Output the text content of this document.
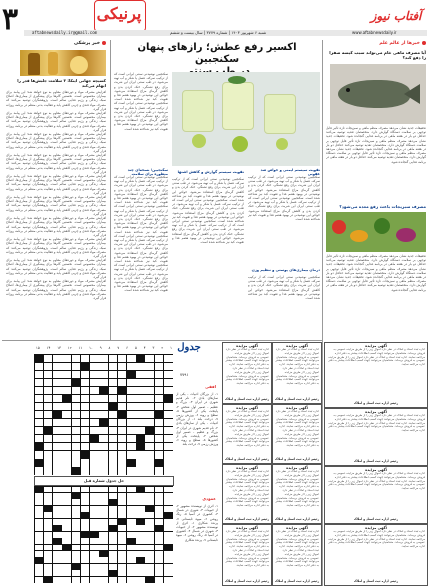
۳	پرنیکی	آفتاب نیوز
aftabnewsdaily.ir@gmail.com	شنبه ۶ شهریور ۱۴۰۳ | شماره ۳۷۷۹ | سال بیست و ششم	www.aftabnewsdaily.ir
خبر پزشکی
کسیچه جهانی اینکا: ۳ سلامت جلبش‌ها قدر را ابهام می‌کند
افزایش مصرف مواد و دوره‌های مقاوم به نوع خواهد شد؛ این پیامد برای بیماران محسوس است. نخستین گام‌ها برای پیشگیری از بیماری‌ها، اصلاح سبک زندگی و رژیم غذایی سالم است. پژوهشگران توصیه می‌کنند که مصرف مواد قندی و چربی کاهش یابد و فعالیت بدنی منظم در برنامه روزانه قرار گیرد.
افزایش مصرف مواد و دوره‌های مقاوم به نوع خواهد شد؛ این پیامد برای بیماران محسوس است. نخستین گام‌ها برای پیشگیری از بیماری‌ها، اصلاح سبک زندگی و رژیم غذایی سالم است. پژوهشگران توصیه می‌کنند که مصرف مواد قندی و چربی کاهش یابد و فعالیت بدنی منظم در برنامه روزانه قرار گیرد.
افزایش مصرف مواد و دوره‌های مقاوم به نوع خواهد شد؛ این پیامد برای بیماران محسوس است. نخستین گام‌ها برای پیشگیری از بیماری‌ها، اصلاح سبک زندگی و رژیم غذایی سالم است. پژوهشگران توصیه می‌کنند که مصرف مواد قندی و چربی کاهش یابد و فعالیت بدنی منظم در برنامه روزانه قرار گیرد.
افزایش مصرف مواد و دوره‌های مقاوم به نوع خواهد شد؛ این پیامد برای بیماران محسوس است. نخستین گام‌ها برای پیشگیری از بیماری‌ها، اصلاح سبک زندگی و رژیم غذایی سالم است. پژوهشگران توصیه می‌کنند که مصرف مواد قندی و چربی کاهش یابد و فعالیت بدنی منظم در برنامه روزانه قرار گیرد.
افزایش مصرف مواد و دوره‌های مقاوم به نوع خواهد شد؛ این پیامد برای بیماران محسوس است. نخستین گام‌ها برای پیشگیری از بیماری‌ها، اصلاح سبک زندگی و رژیم غذایی سالم است. پژوهشگران توصیه می‌کنند که مصرف مواد قندی و چربی کاهش یابد و فعالیت بدنی منظم در برنامه روزانه قرار گیرد.
افزایش مصرف مواد و دوره‌های مقاوم به نوع خواهد شد؛ این پیامد برای بیماران محسوس است. نخستین گام‌ها برای پیشگیری از بیماری‌ها، اصلاح سبک زندگی و رژیم غذایی سالم است. پژوهشگران توصیه می‌کنند که مصرف مواد قندی و چربی کاهش یابد و فعالیت بدنی منظم در برنامه روزانه قرار گیرد.
افزایش مصرف مواد و دوره‌های مقاوم به نوع خواهد شد؛ این پیامد برای بیماران محسوس است. نخستین گام‌ها برای پیشگیری از بیماری‌ها، اصلاح سبک زندگی و رژیم غذایی سالم است. پژوهشگران توصیه می‌کنند که مصرف مواد قندی و چربی کاهش یابد و فعالیت بدنی منظم در برنامه روزانه قرار گیرد.
افزایش مصرف مواد و دوره‌های مقاوم به نوع خواهد شد؛ این پیامد برای بیماران محسوس است. نخستین گام‌ها برای پیشگیری از بیماری‌ها، اصلاح سبک زندگی و رژیم غذایی سالم است. پژوهشگران توصیه می‌کنند که مصرف مواد قندی و چربی کاهش یابد و فعالیت بدنی منظم در برنامه روزانه قرار گیرد.
افزایش مصرف مواد و دوره‌های مقاوم به نوع خواهد شد؛ این پیامد برای بیماران محسوس است. نخستین گام‌ها برای پیشگیری از بیماری‌ها، اصلاح سبک زندگی و رژیم غذایی سالم است. پژوهشگران توصیه می‌کنند که مصرف مواد قندی و چربی کاهش یابد و فعالیت بدنی منظم در برنامه روزانه قرار گیرد.
افزایش مصرف مواد و دوره‌های مقاوم به نوع خواهد شد؛ این پیامد برای بیماران محسوس است. نخستین گام‌ها برای پیشگیری از بیماری‌ها، اصلاح سبک زندگی و رژیم غذایی سالم است. پژوهشگران توصیه می‌کنند که مصرف مواد قندی و چربی کاهش یابد و فعالیت بدنی منظم در برنامه روزانه قرار گیرد.
اکسیر رفع عطش؛ رازهای پنهان سکنجبین
سکنجبین نوشیدنی سنتی ایرانی است که از ترکیب سرکه، عسل یا شکر و آب تهیه می‌شود. در طب سنتی ایران این شربت برای رفع تشنگی، خنک کردن بدن و کاهش گرمای مزاج استفاده می‌شود. خواص این نوشیدنی در بهبود هضم غذا و تقویت کبد نیز شناخته شده است. سکنجبین نوشیدنی سنتی ایرانی است که از ترکیب سرکه، عسل یا شکر و آب تهیه می‌شود. در طب سنتی ایران این شربت برای رفع تشنگی، خنک کردن بدن و کاهش گرمای مزاج استفاده می‌شود. خواص این نوشیدنی در بهبود هضم غذا و تقویت کبد نیز شناخته شده است.
سکنجبین؛ نسخه‌ای چند منظوره برای سلامت
سکنجبین نوشیدنی سنتی ایرانی است که از ترکیب سرکه، عسل یا شکر و آب تهیه می‌شود. در طب سنتی ایران این شربت برای رفع تشنگی، خنک کردن بدن و کاهش گرمای مزاج استفاده می‌شود. خواص این نوشیدنی در بهبود هضم غذا و تقویت کبد نیز شناخته شده است. سکنجبین نوشیدنی سنتی ایرانی است که از ترکیب سرکه، عسل یا شکر و آب تهیه می‌شود. در طب سنتی ایران این شربت برای رفع تشنگی، خنک کردن بدن و کاهش گرمای مزاج استفاده می‌شود. خواص این نوشیدنی در بهبود هضم غذا و تقویت کبد نیز شناخته شده است. سکنجبین نوشیدنی سنتی ایرانی است که از ترکیب سرکه، عسل یا شکر و آب تهیه می‌شود. در طب سنتی ایران این شربت برای رفع تشنگی، خنک کردن بدن و کاهش گرمای مزاج استفاده می‌شود. خواص این نوشیدنی در بهبود هضم غذا و تقویت کبد نیز شناخته شده است. سکنجبین نوشیدنی سنتی ایرانی است که از ترکیب سرکه، عسل یا شکر و آب تهیه می‌شود. در طب سنتی ایران این شربت برای رفع تشنگی، خنک کردن بدن و کاهش گرمای مزاج استفاده می‌شود. خواص این نوشیدنی در بهبود هضم غذا و تقویت کبد نیز شناخته شده است.
تقویت سیستم گوارش و کاهش اشتها
سکنجبین نوشیدنی سنتی ایرانی است که از ترکیب سرکه، عسل یا شکر و آب تهیه می‌شود. در طب سنتی ایران این شربت برای رفع تشنگی، خنک کردن بدن و کاهش گرمای مزاج استفاده می‌شود. خواص این نوشیدنی در بهبود هضم غذا و تقویت کبد نیز شناخته شده است. سکنجبین نوشیدنی سنتی ایرانی است که از ترکیب سرکه، عسل یا شکر و آب تهیه می‌شود. در طب سنتی ایران این شربت برای رفع تشنگی، خنک کردن بدن و کاهش گرمای مزاج استفاده می‌شود. خواص این نوشیدنی در بهبود هضم غذا و تقویت کبد نیز شناخته شده است. سکنجبین نوشیدنی سنتی ایرانی است که از ترکیب سرکه، عسل یا شکر و آب تهیه می‌شود. در طب سنتی ایران این شربت برای رفع تشنگی، خنک کردن بدن و کاهش گرمای مزاج استفاده می‌شود. خواص این نوشیدنی در بهبود هضم غذا و تقویت کبد نیز شناخته شده است.
تقویت سیستم ایمنی و خواص ضد عفونی
سکنجبین نوشیدنی سنتی ایرانی است که از ترکیب سرکه، عسل یا شکر و آب تهیه می‌شود. در طب سنتی ایران این شربت برای رفع تشنگی، خنک کردن بدن و کاهش گرمای مزاج استفاده می‌شود. خواص این نوشیدنی در بهبود هضم غذا و تقویت کبد نیز شناخته شده است. سکنجبین نوشیدنی سنتی ایرانی است که از ترکیب سرکه، عسل یا شکر و آب تهیه می‌شود. در طب سنتی ایران این شربت برای رفع تشنگی، خنک کردن بدن و کاهش گرمای مزاج استفاده می‌شود. خواص این نوشیدنی در بهبود هضم غذا و تقویت کبد نیز شناخته شده است.
درمان بیماری‌های پوستی و تنظیم وزن
سکنجبین نوشیدنی سنتی ایرانی است که از ترکیب سرکه، عسل یا شکر و آب تهیه می‌شود. در طب سنتی ایران این شربت برای رفع تشنگی، خنک کردن بدن و کاهش گرمای مزاج استفاده می‌شود. خواص این نوشیدنی در بهبود هضم غذا و تقویت کبد نیز شناخته شده است.
خبرها از عالم علم
آیا مصرف ماهی خام می‌تواند سبب کیسه صفرا را دفع کند؟
تحقیقات جدید نشان می‌دهد مصرف منظم ماهی و سبزیجات تازه تأثیر قابل توجهی بر سلامت دستگاه گوارش دارد. متخصصان تغذیه توصیه می‌کنند حداقل دو بار در هفته ماهی در برنامه غذایی گنجانده شود. تحقیقات جدید نشان می‌دهد مصرف منظم ماهی و سبزیجات تازه تأثیر قابل توجهی بر سلامت دستگاه گوارش دارد. متخصصان تغذیه توصیه می‌کنند حداقل دو بار در هفته ماهی در برنامه غذایی گنجانده شود. تحقیقات جدید نشان می‌دهد مصرف منظم ماهی و سبزیجات تازه تأثیر قابل توجهی بر سلامت دستگاه گوارش دارد. متخصصان تغذیه توصیه می‌کنند حداقل دو بار در هفته ماهی در برنامه غذایی گنجانده شود.
مصرف سبزیجات باعث رفع معده می‌شود؟
تحقیقات جدید نشان می‌دهد مصرف منظم ماهی و سبزیجات تازه تأثیر قابل توجهی بر سلامت دستگاه گوارش دارد. متخصصان تغذیه توصیه می‌کنند حداقل دو بار در هفته ماهی در برنامه غذایی گنجانده شود. تحقیقات جدید نشان می‌دهد مصرف منظم ماهی و سبزیجات تازه تأثیر قابل توجهی بر سلامت دستگاه گوارش دارد. متخصصان تغذیه توصیه می‌کنند حداقل دو بار در هفته ماهی در برنامه غذایی گنجانده شود. تحقیقات جدید نشان می‌دهد مصرف منظم ماهی و سبزیجات تازه تأثیر قابل توجهی بر سلامت دستگاه گوارش دارد. متخصصان تغذیه توصیه می‌کنند حداقل دو بار در هفته ماهی در برنامه غذایی گنجانده شود.
جدول
۷۷۹۱
۱۵ ۱۴ ۱۳ ۱۲ ۱۱ ۱۰ ۹ ۸ ۷ ۶ ۵ ۴ ۳ ۲ ۱
حل جدول شماره قبل
افقی
۱- از بزرگان ادبیات - یکی از سازهای بادی ۲- نام قدیم شهری در ایران ۳- بزرگ و عظیم - ضمیر اول شخص ۴- پایتخت یکی از کشورها ۵- سطح و رویه ۶- ورزش رزمی ۷- درخت بلند ۱- از بزرگان ادبیات - یکی از سازهای بادی ۲- نام قدیم شهری در ایران ۳- بزرگ و عظیم - ضمیر اول شخص ۴- پایتخت یکی از کشورها ۵- سطح و رویه ۶- ورزش رزمی ۷- درخت بلند
عمودی
۱- اثری از نویسنده مشهور ۲- از حبوبات ۳- شهری در شمال ۴- کشوری در آسیا ۵- رنگ روشن ۶- میوه تابستانی ۷- پرنده شکاری ۱- اثری از نویسنده مشهور ۲- از حبوبات ۳- شهری در شمال ۴- کشوری در آسیا ۵- رنگ روشن ۶- میوه تابستانی ۷- پرنده شکاری
آگهی مزایده
اداره ثبت اسناد و املاک در نظر دارد اموال زیر را از طریق مزایده عمومی به فروش برساند. متقاضیان می‌توانند جهت کسب اطلاعات بیشتر به دفتر اداره مراجعه نمایند. اداره ثبت اسناد و املاک در نظر دارد اموال زیر را از طریق مزایده عمومی به فروش برساند. متقاضیان می‌توانند جهت کسب اطلاعات بیشتر به دفتر اداره مراجعه نمایند.
رئیس اداره ثبت اسناد و املاک
آگهی مزایده
اداره ثبت اسناد و املاک در نظر دارد اموال زیر را از طریق مزایده عمومی به فروش برساند. متقاضیان می‌توانند جهت کسب اطلاعات بیشتر به دفتر اداره مراجعه نمایند. اداره ثبت اسناد و املاک در نظر دارد اموال زیر را از طریق مزایده عمومی به فروش برساند. متقاضیان می‌توانند جهت کسب اطلاعات بیشتر به دفتر اداره مراجعه نمایند.
رئیس اداره ثبت اسناد و املاک
آگهی مزایده
اداره ثبت اسناد و املاک در نظر دارد اموال زیر را از طریق مزایده عمومی به فروش برساند. متقاضیان می‌توانند جهت کسب اطلاعات بیشتر به دفتر اداره مراجعه نمایند. اداره ثبت اسناد و املاک در نظر دارد اموال زیر را از طریق مزایده عمومی به فروش برساند. متقاضیان می‌توانند جهت کسب اطلاعات بیشتر به دفتر اداره مراجعه نمایند.
رئیس اداره ثبت اسناد و املاک
آگهی مزایده
اداره ثبت اسناد و املاک در نظر دارد اموال زیر را از طریق مزایده عمومی به فروش برساند. متقاضیان می‌توانند جهت کسب اطلاعات بیشتر به دفتر اداره مراجعه نمایند. اداره ثبت اسناد و املاک در نظر دارد اموال زیر را از طریق مزایده عمومی به فروش برساند. متقاضیان می‌توانند جهت کسب اطلاعات بیشتر به دفتر اداره مراجعه نمایند.
رئیس اداره ثبت اسناد و املاک
آگهی مزایده
اداره ثبت اسناد و املاک در نظر دارد اموال زیر را از طریق مزایده عمومی به فروش برساند. متقاضیان می‌توانند جهت کسب اطلاعات بیشتر به دفتر اداره مراجعه نمایند. اداره ثبت اسناد و املاک در نظر دارد اموال زیر را از طریق مزایده عمومی به فروش برساند. متقاضیان می‌توانند جهت کسب اطلاعات بیشتر به دفتر اداره مراجعه نمایند.
رئیس اداره ثبت اسناد و املاک
آگهی مزایده
اداره ثبت اسناد و املاک در نظر دارد اموال زیر را از طریق مزایده عمومی به فروش برساند. متقاضیان می‌توانند جهت کسب اطلاعات بیشتر به دفتر اداره مراجعه نمایند. اداره ثبت اسناد و املاک در نظر دارد اموال زیر را از طریق مزایده عمومی به فروش برساند. متقاضیان می‌توانند جهت کسب اطلاعات بیشتر به دفتر اداره مراجعه نمایند.
رئیس اداره ثبت اسناد و املاک
آگهی مزایده
اداره ثبت اسناد و املاک در نظر دارد اموال زیر را از طریق مزایده عمومی به فروش برساند. متقاضیان می‌توانند جهت کسب اطلاعات بیشتر به دفتر اداره مراجعه نمایند. اداره ثبت اسناد و املاک در نظر دارد اموال زیر را از طریق مزایده عمومی به فروش برساند. متقاضیان می‌توانند جهت کسب اطلاعات بیشتر به دفتر اداره مراجعه نمایند.
رئیس اداره ثبت اسناد و املاک
آگهی مزایده
اداره ثبت اسناد و املاک در نظر دارد اموال زیر را از طریق مزایده عمومی به فروش برساند. متقاضیان می‌توانند جهت کسب اطلاعات بیشتر به دفتر اداره مراجعه نمایند. اداره ثبت اسناد و املاک در نظر دارد اموال زیر را از طریق مزایده عمومی به فروش برساند. متقاضیان می‌توانند جهت کسب اطلاعات بیشتر به دفتر اداره مراجعه نمایند.
رئیس اداره ثبت اسناد و املاک
آگهی مزایده
اداره ثبت اسناد و املاک در نظر دارد اموال زیر را از طریق مزایده عمومی به فروش برساند. متقاضیان می‌توانند جهت کسب اطلاعات بیشتر به دفتر اداره مراجعه نمایند. اداره ثبت اسناد و املاک در نظر دارد اموال زیر را از طریق مزایده عمومی به فروش برساند. متقاضیان می‌توانند جهت کسب اطلاعات بیشتر به دفتر اداره مراجعه نمایند.
رئیس اداره ثبت اسناد و املاک
آگهی مزایده
اداره ثبت اسناد و املاک در نظر دارد اموال زیر را از طریق مزایده عمومی به فروش برساند. متقاضیان می‌توانند جهت کسب اطلاعات بیشتر به دفتر اداره مراجعه نمایند. اداره ثبت اسناد و املاک در نظر دارد اموال زیر را از طریق مزایده عمومی به فروش برساند. متقاضیان می‌توانند جهت کسب اطلاعات بیشتر به دفتر اداره مراجعه نمایند.
رئیس اداره ثبت اسناد و املاک
آگهی مزایده
اداره ثبت اسناد و املاک در نظر دارد اموال زیر را از طریق مزایده عمومی به فروش برساند. متقاضیان می‌توانند جهت کسب اطلاعات بیشتر به دفتر اداره مراجعه نمایند. اداره ثبت اسناد و املاک در نظر دارد اموال زیر را از طریق مزایده عمومی به فروش برساند. متقاضیان می‌توانند جهت کسب اطلاعات بیشتر به دفتر اداره مراجعه نمایند.
رئیس اداره ثبت اسناد و املاک
آگهی مزایده
اداره ثبت اسناد و املاک در نظر دارد اموال زیر را از طریق مزایده عمومی به فروش برساند. متقاضیان می‌توانند جهت کسب اطلاعات بیشتر به دفتر اداره مراجعه نمایند. اداره ثبت اسناد و املاک در نظر دارد اموال زیر را از طریق مزایده عمومی به فروش برساند. متقاضیان می‌توانند جهت کسب اطلاعات بیشتر به دفتر اداره مراجعه نمایند.
رئیس اداره ثبت اسناد و املاک
